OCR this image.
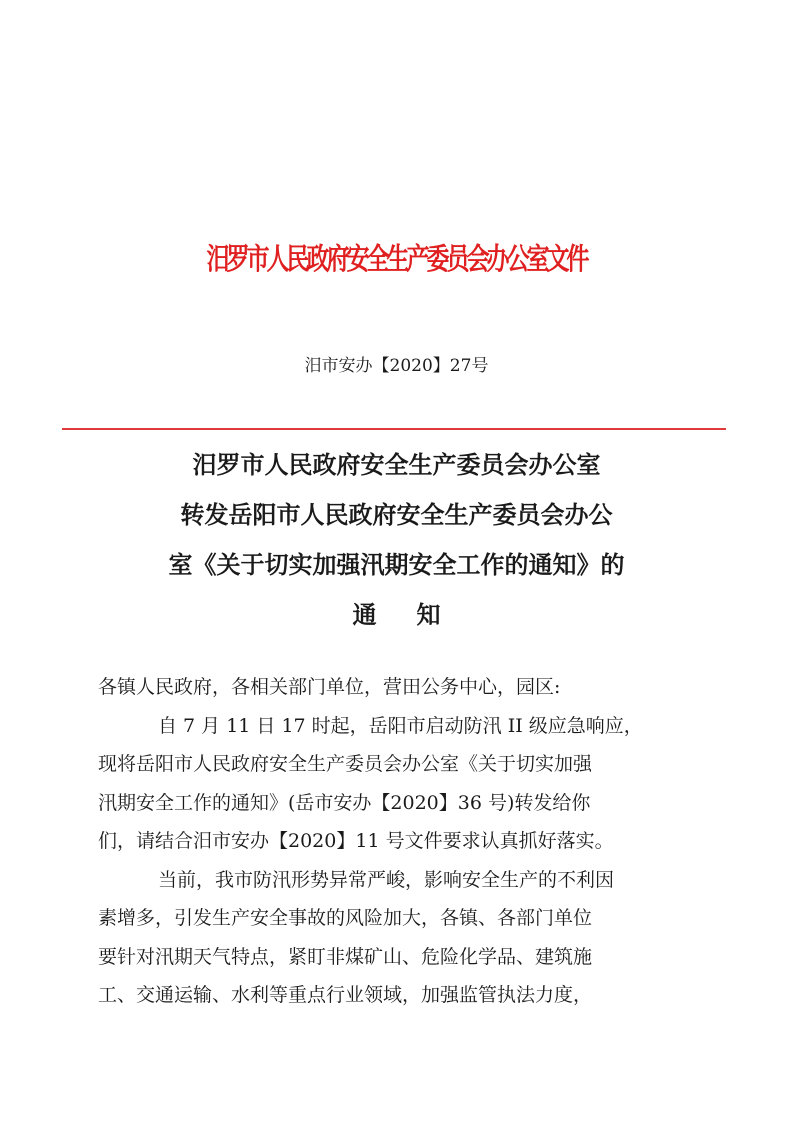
汨罗市人民政府安全生产委员会办公室文件
汨市安办【2020】27号
汨罗市人民政府安全生产委员会办公室
转发岳阳市人民政府安全生产委员会办公
室《关于切实加强汛期安全工作的通知》的
通知
各镇人民政府，各相关部门单位，营田公务中心，园区:
自 7 月 11 日 17 时起，岳阳市启动防汛 II 级应急响应，
现将岳阳市人民政府安全生产委员会办公室《关于切实加强
汛期安全工作的通知》(岳市安办【2020】36 号)转发给你
们，请结合汨市安办【2020】11 号文件要求认真抓好落实。
当前，我市防汛形势异常严峻，影响安全生产的不利因
素增多，引发生产安全事故的风险加大，各镇、各部门单位
要针对汛期天气特点，紧盯非煤矿山、危险化学品、建筑施
工、交通运输、水利等重点行业领域，加强监管执法力度，
